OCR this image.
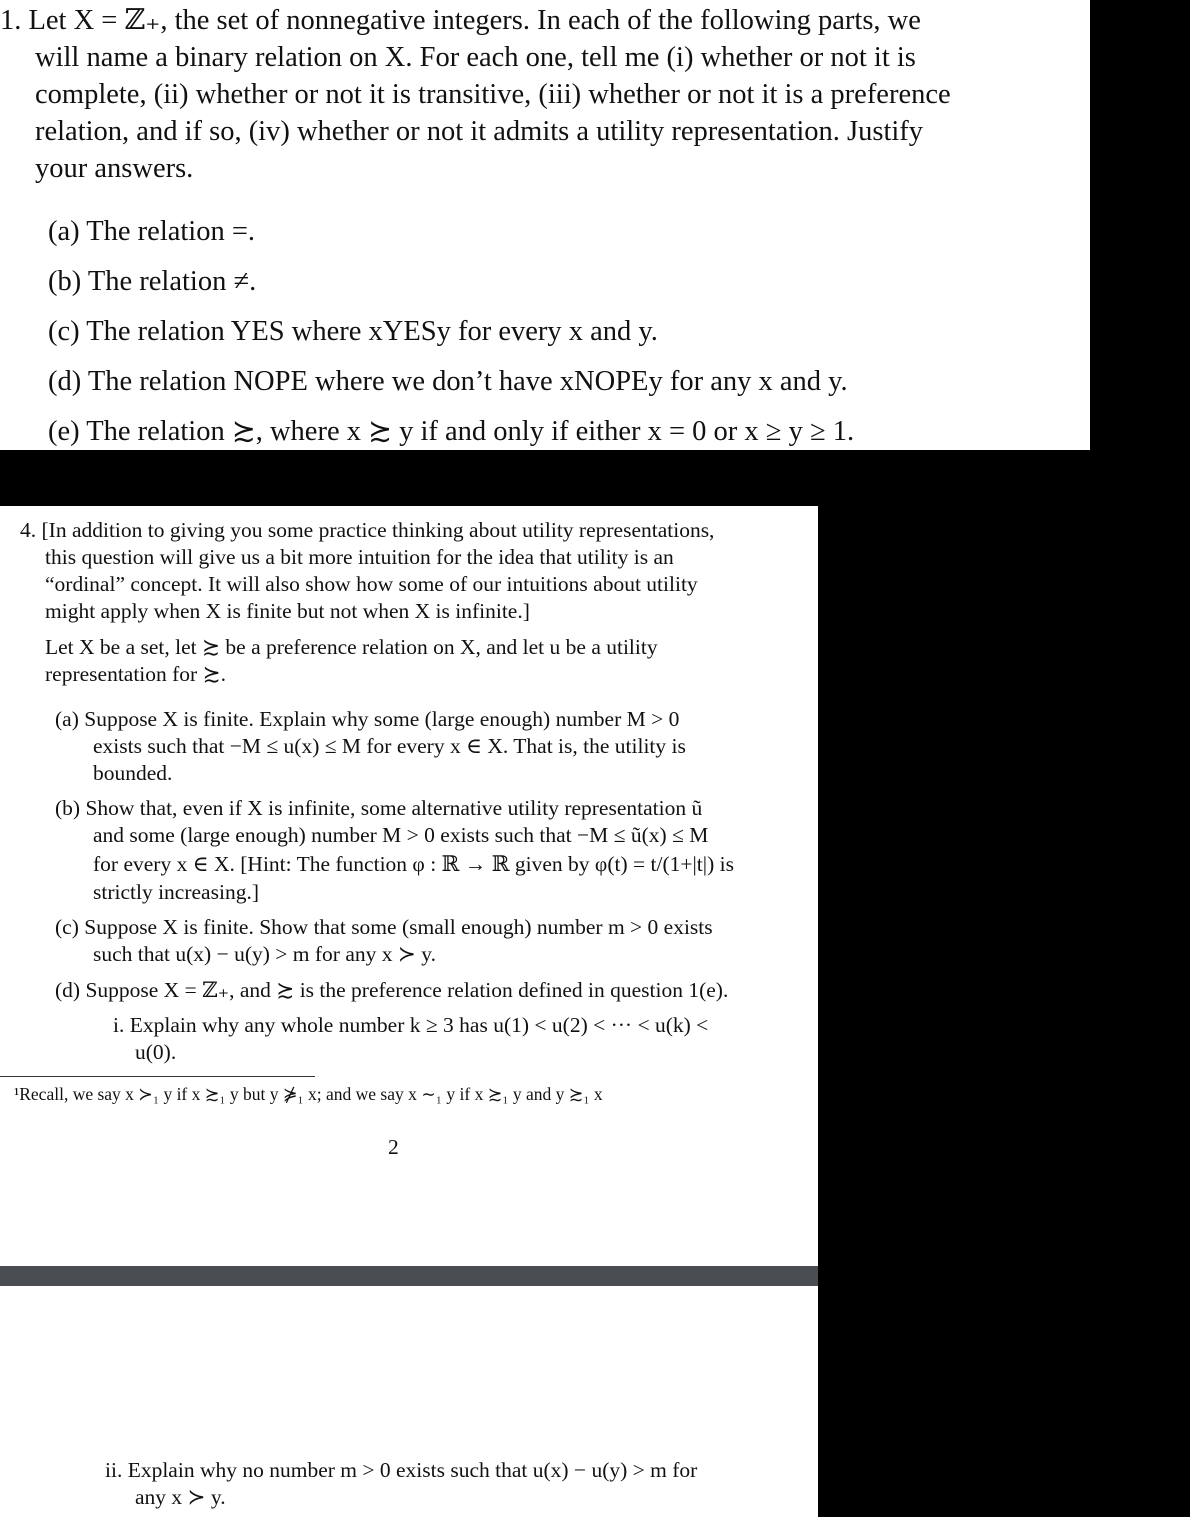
1. Let X = ℤ₊, the set of nonnegative integers. In each of the following parts, we

will name a binary relation on X. For each one, tell me (i) whether or not it is

complete, (ii) whether or not it is transitive, (iii) whether or not it is a preference

relation, and if so, (iv) whether or not it admits a utility representation. Justify

your answers.

(a) The relation =.

(b) The relation ≠.

(c) The relation YES where xYESy for every x and y.

(d) The relation NOPE where we don’t have xNOPEy for any x and y.

(e) The relation ≿, where x ≿ y if and only if either x = 0 or x ≥ y ≥ 1.

4. [In addition to giving you some practice thinking about utility representations,

this question will give us a bit more intuition for the idea that utility is an

“ordinal” concept. It will also show how some of our intuitions about utility

might apply when X is finite but not when X is infinite.]

Let X be a set, let ≿ be a preference relation on X, and let u be a utility

representation for ≿.

(a) Suppose X is finite. Explain why some (large enough) number M > 0

exists such that −M ≤ u(x) ≤ M for every x ∈ X. That is, the utility is

bounded.

(b) Show that, even if X is infinite, some alternative utility representation ũ

and some (large enough) number M > 0 exists such that −M ≤ ũ(x) ≤ M

for every x ∈ X. [Hint: The function φ : ℝ → ℝ given by φ(t) = t/(1+|t|) is

strictly increasing.]

(c) Suppose X is finite. Show that some (small enough) number m > 0 exists

such that u(x) − u(y) > m for any x ≻ y.

(d) Suppose X = ℤ₊, and ≿ is the preference relation defined in question 1(e).

i. Explain why any whole number k ≥ 3 has u(1) < u(2) < ··· < u(k) <

u(0).

¹Recall, we say x ≻₁ y if x ≿₁ y but y ⋡₁ x; and we say x ∼₁ y if x ≿₁ y and y ≿₁ x

2

ii. Explain why no number m > 0 exists such that u(x) − u(y) > m for

any x ≻ y.
